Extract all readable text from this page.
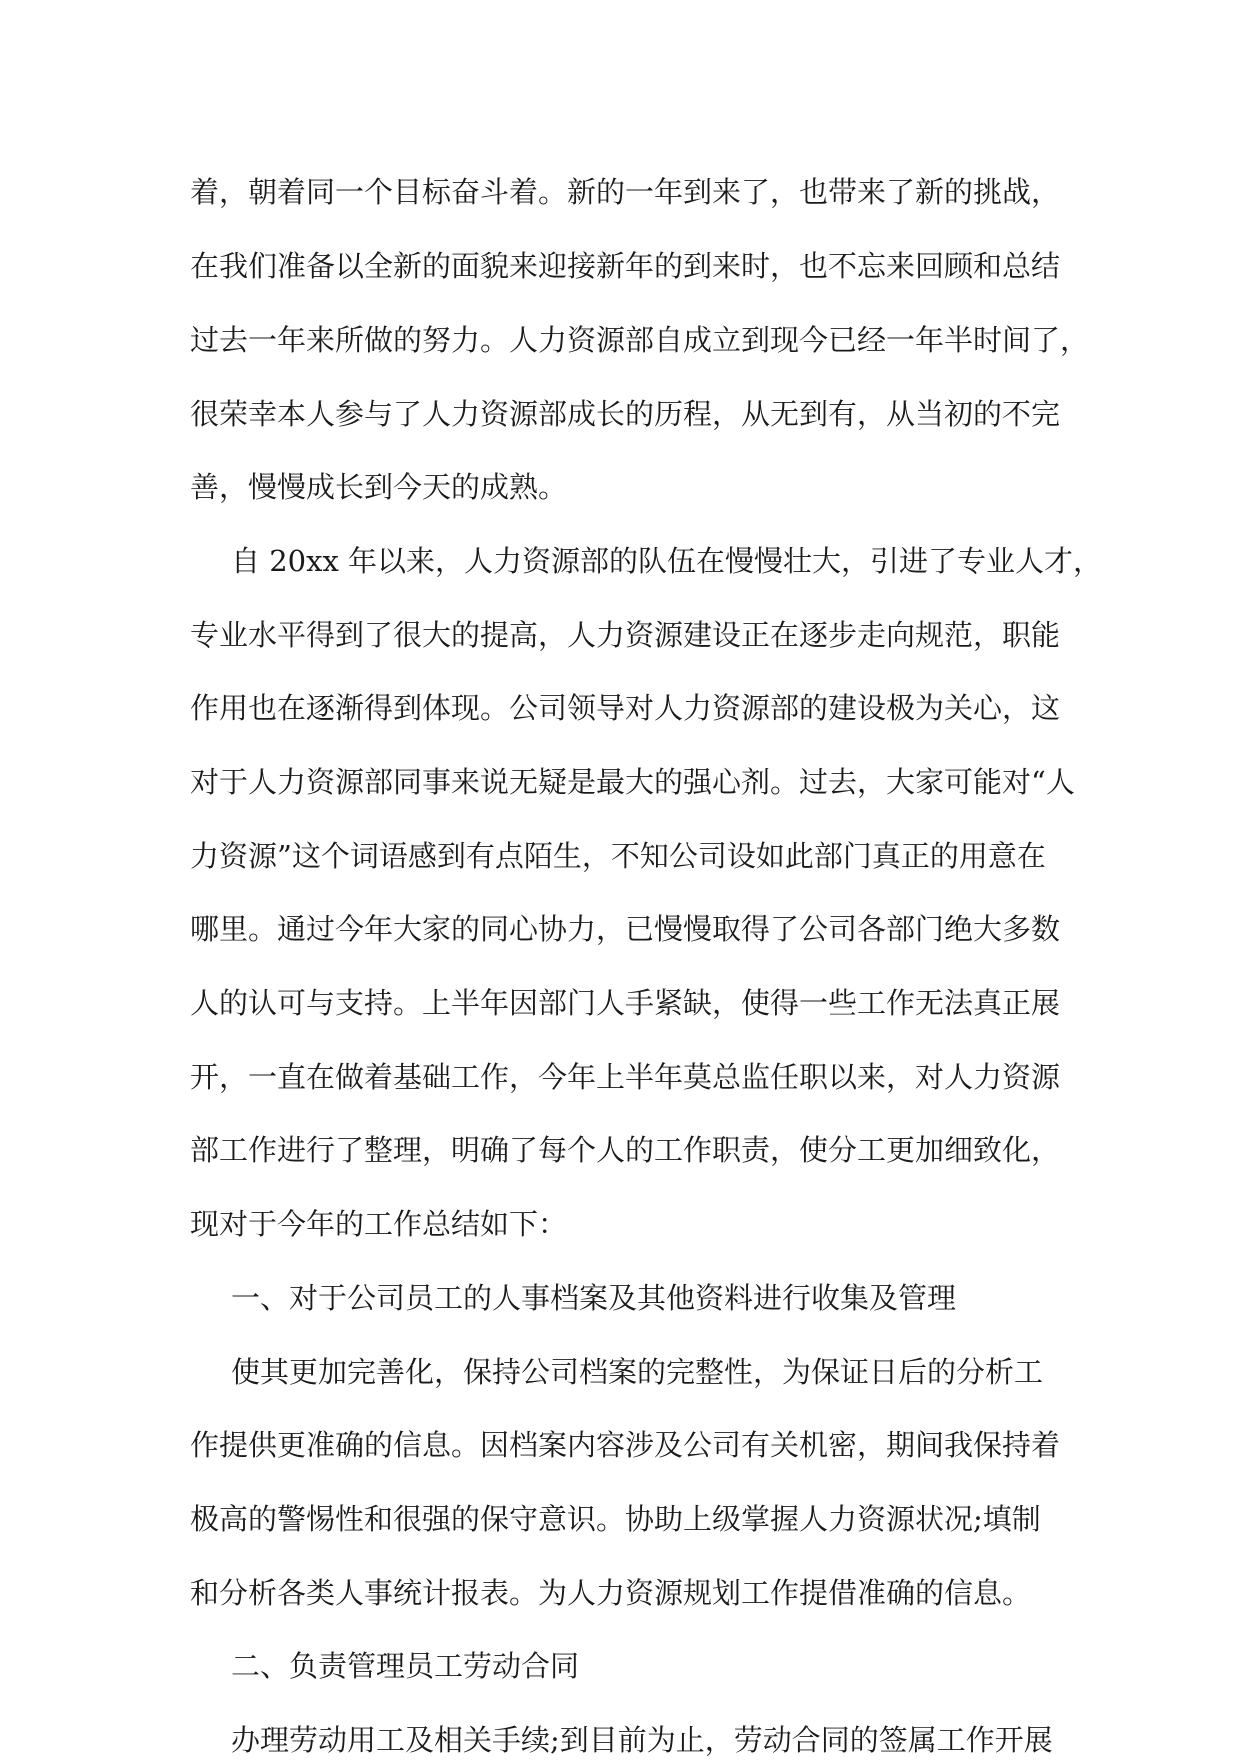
着，朝着同一个目标奋斗着。新的一年到来了，也带来了新的挑战，
在我们准备以全新的面貌来迎接新年的到来时，也不忘来回顾和总结
过去一年来所做的努力。人力资源部自成立到现今已经一年半时间了，
很荣幸本人参与了人力资源部成长的历程，从无到有，从当初的不完
善，慢慢成长到今天的成熟。
自 20xx 年以来，人力资源部的队伍在慢慢壮大，引进了专业人才，
专业水平得到了很大的提高，人力资源建设正在逐步走向规范，职能
作用也在逐渐得到体现。公司领导对人力资源部的建设极为关心，这
对于人力资源部同事来说无疑是最大的强心剂。过去，大家可能对“人
力资源”这个词语感到有点陌生，不知公司设如此部门真正的用意在
哪里。通过今年大家的同心协力，已慢慢取得了公司各部门绝大多数
人的认可与支持。上半年因部门人手紧缺，使得一些工作无法真正展
开，一直在做着基础工作，今年上半年莫总监任职以来，对人力资源
部工作进行了整理，明确了每个人的工作职责，使分工更加细致化，
现对于今年的工作总结如下：
一、对于公司员工的人事档案及其他资料进行收集及管理
使其更加完善化，保持公司档案的完整性，为保证日后的分析工
作提供更准确的信息。因档案内容涉及公司有关机密，期间我保持着
极高的警惕性和很强的保守意识。协助上级掌握人力资源状况;填制
和分析各类人事统计报表。为人力资源规划工作提借准确的信息。
二、负责管理员工劳动合同
办理劳动用工及相关手续;到目前为止，劳动合同的签属工作开展
